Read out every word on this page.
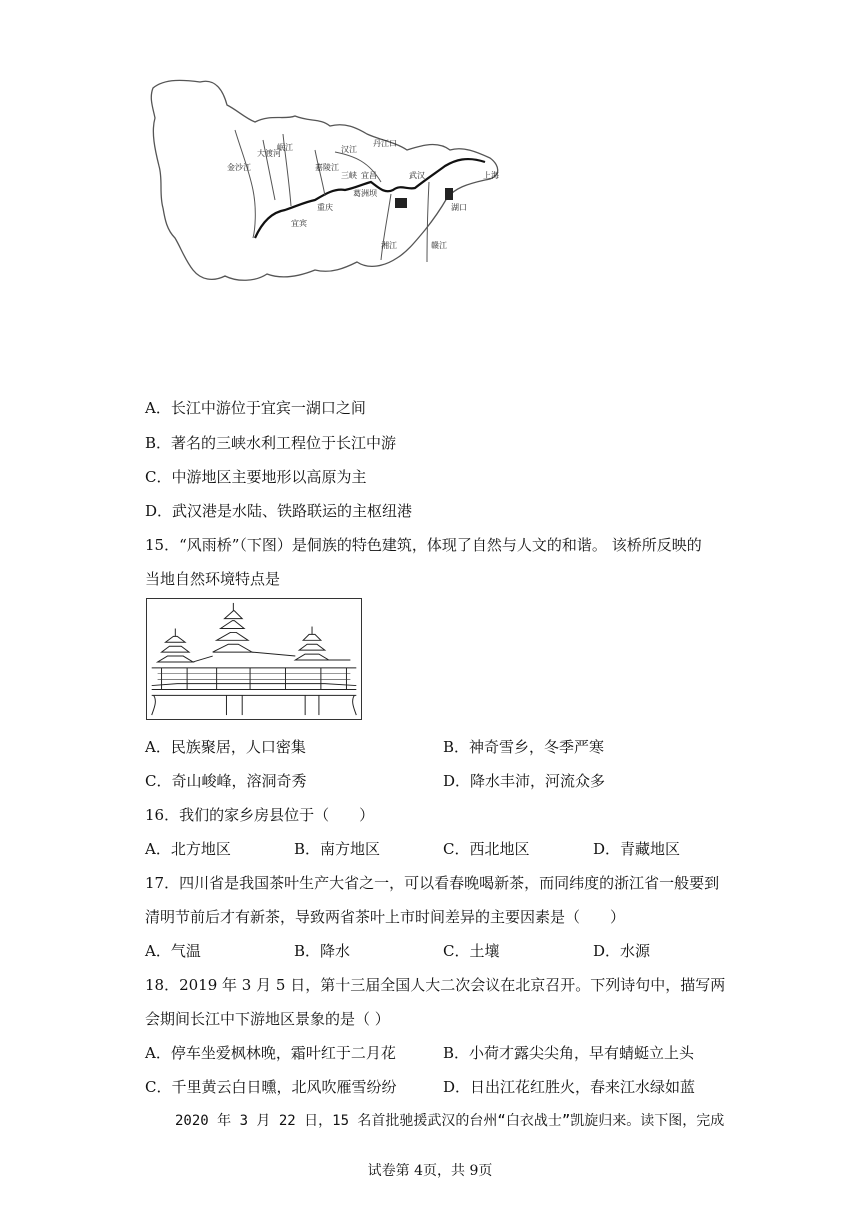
金沙江
大渡河
岷江
嘉陵江
汉江
丹江口
宜宾
重庆
三峡 宜昌
葛洲坝
武汉
湖口
上海
湘江	赣江
A．长江中游位于宜宾一湖口之间
B．著名的三峡水利工程位于长江中游
C．中游地区主要地形以高原为主
D．武汉港是水陆、铁路联运的主枢纽港
15．“风雨桥”（下图）是侗族的特色建筑，体现了自然与人文的和谐。 该桥所反映的
当地自然环境特点是
A．民族聚居，人口密集	B．神奇雪乡，冬季严寒
C．奇山峻峰，溶洞奇秀	D．降水丰沛，河流众多
16．我们的家乡房县位于（　　）
A．北方地区	B．南方地区	C．西北地区	D．青藏地区
17．四川省是我国茶叶生产大省之一，可以看春晚喝新茶，而同纬度的浙江省一般要到
清明节前后才有新茶，导致两省茶叶上市时间差异的主要因素是（　　）
A．气温	B．降水	C．土壤	D．水源
18．2019 年 3 月 5 日，第十三届全国人大二次会议在北京召开。下列诗句中，描写两
会期间长江中下游地区景象的是（ ）
A．停车坐爱枫林晚，霜叶红于二月花	B．小荷才露尖尖角，早有蜻蜓立上头
C．千里黄云白日曛，北风吹雁雪纷纷	D．日出江花红胜火，春来江水绿如蓝
2020 年 3 月 22 日，15 名首批驰援武汉的台州“白衣战士”凯旋归来。读下图，完成
试卷第 4页，共 9页
